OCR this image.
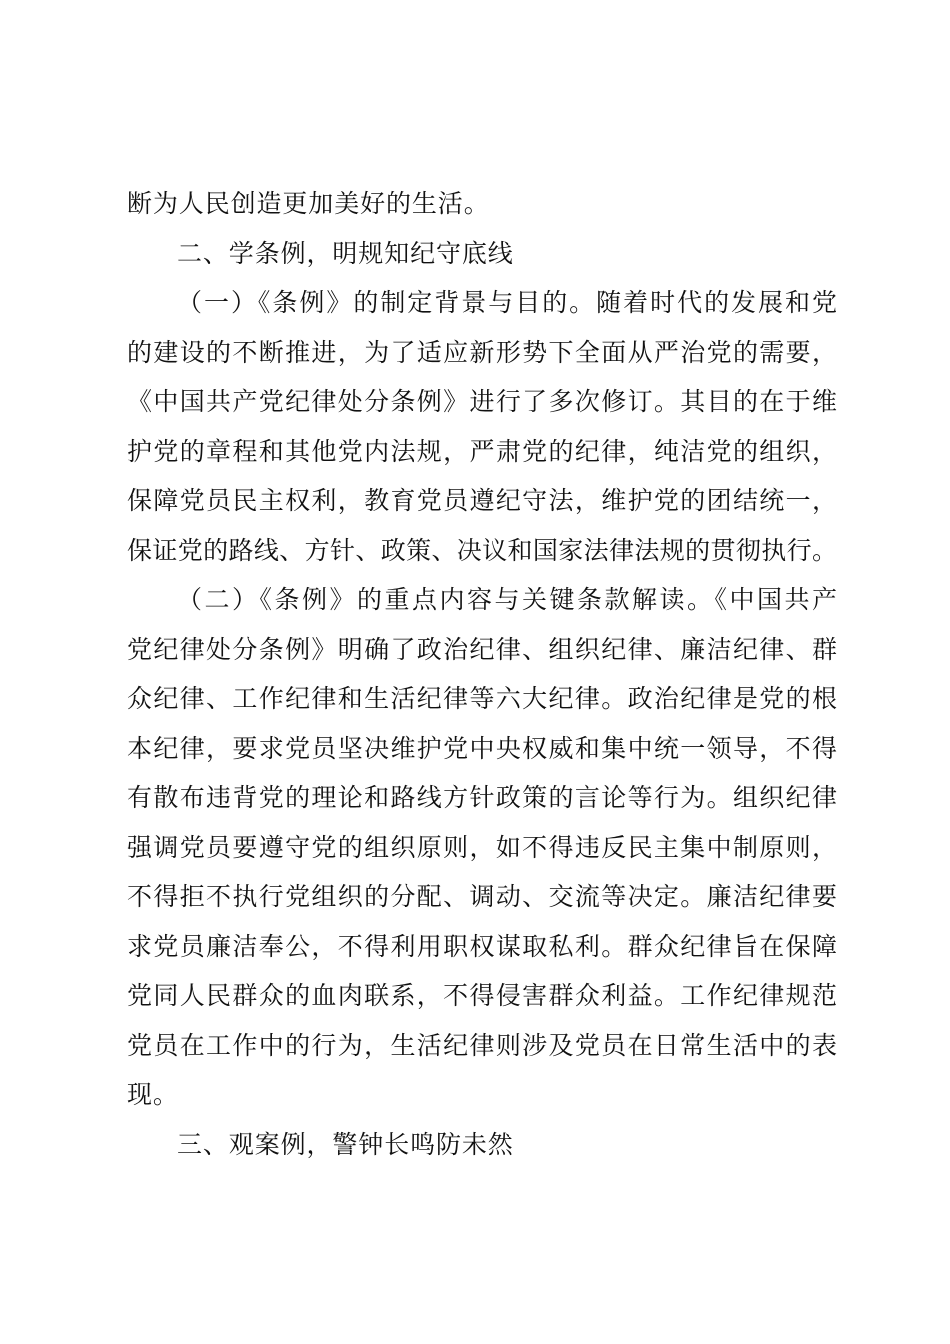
断为人民创造更加美好的生活。
二、学条例，明规知纪守底线
（一）《条例》的制定背景与目的。随着时代的发展和党
的建设的不断推进，为了适应新形势下全面从严治党的需要，
《中国共产党纪律处分条例》进行了多次修订。其目的在于维
护党的章程和其他党内法规，严肃党的纪律，纯洁党的组织，
保障党员民主权利，教育党员遵纪守法，维护党的团结统一，
保证党的路线、方针、政策、决议和国家法律法规的贯彻执行。
（二）《条例》的重点内容与关键条款解读。《中国共产
党纪律处分条例》明确了政治纪律、组织纪律、廉洁纪律、群
众纪律、工作纪律和生活纪律等六大纪律。政治纪律是党的根
本纪律，要求党员坚决维护党中央权威和集中统一领导，不得
有散布违背党的理论和路线方针政策的言论等行为。组织纪律
强调党员要遵守党的组织原则，如不得违反民主集中制原则，
不得拒不执行党组织的分配、调动、交流等决定。廉洁纪律要
求党员廉洁奉公，不得利用职权谋取私利。群众纪律旨在保障
党同人民群众的血肉联系，不得侵害群众利益。工作纪律规范
党员在工作中的行为，生活纪律则涉及党员在日常生活中的表
现。
三、观案例，警钟长鸣防未然
